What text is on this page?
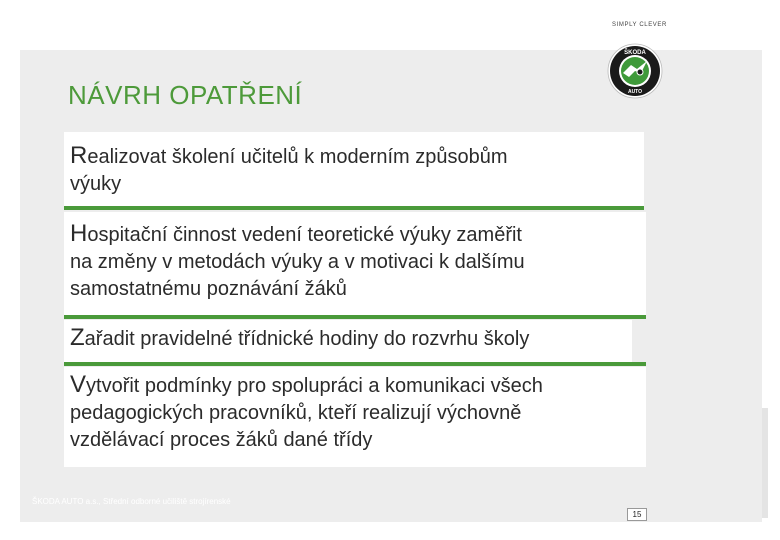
SIMPLY CLEVER
ŠKODA
AUTO
NÁVRH OPATŘENÍ
Realizovat školení učitelů k moderním způsobům
výuky
Hospitační činnost vedení teoretické výuky zaměřit
na změny v metodách výuky a v motivaci k dalšímu
samostatnému poznávání žáků
Zařadit pravidelné třídnické hodiny do rozvrhu školy
Vytvořit podmínky pro spolupráci a komunikaci všech
pedagogických pracovníků, kteří realizují výchovně
vzdělávací proces žáků dané třídy
ŠKODA AUTO a.s., Střední odborné učiliště strojírenské
15
